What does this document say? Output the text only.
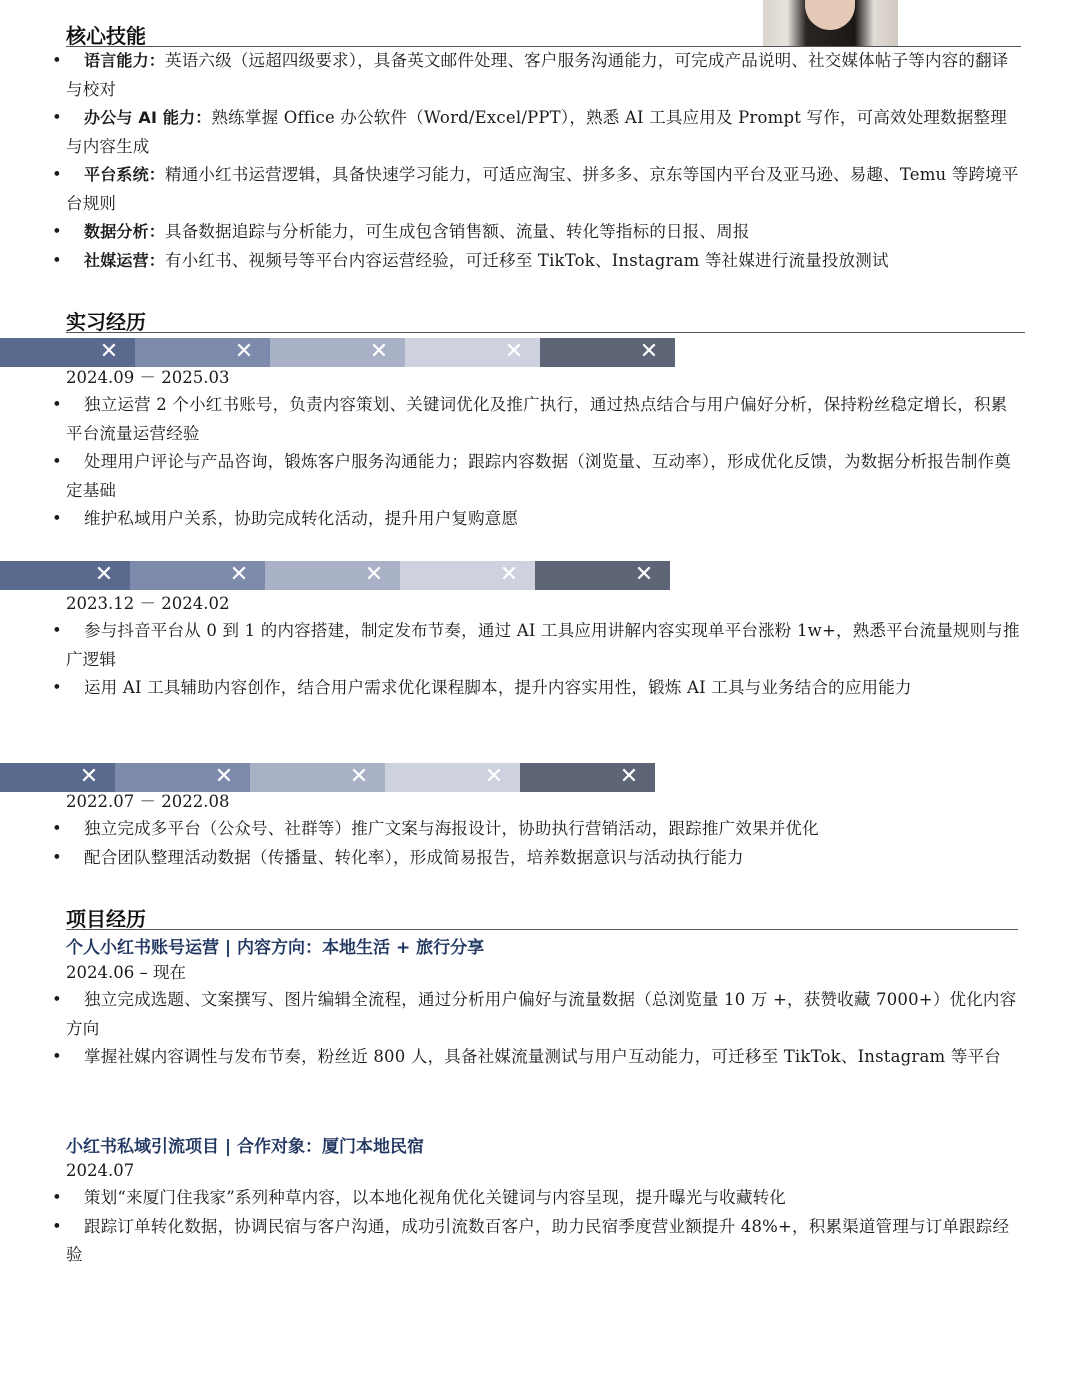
核心技能
• 语言能力：英语六级（远超四级要求），具备英文邮件处理、客户服务沟通能力，可完成产品说明、社交媒体帖子等内容的翻译与校对
• 办公与 AI 能力：熟练掌握 Office 办公软件（Word/Excel/PPT），熟悉 AI 工具应用及 Prompt 写作，可高效处理数据整理与内容生成
• 平台系统：精通小红书运营逻辑，具备快速学习能力，可适应淘宝、拼多多、京东等国内平台及亚马逊、易趣、Temu 等跨境平台规则
• 数据分析：具备数据追踪与分析能力，可生成包含销售额、流量、转化等指标的日报、周报
• 社媒运营：有小红书、视频号等平台内容运营经验，可迁移至 TikTok、Instagram 等社媒进行流量投放测试
实习经历
✕	✕	✕	✕	✕
2024.09 － 2025.03
• 独立运营 2 个小红书账号，负责内容策划、关键词优化及推广执行，通过热点结合与用户偏好分析，保持粉丝稳定增长，积累平台流量运营经验
• 处理用户评论与产品咨询，锻炼客户服务沟通能力；跟踪内容数据（浏览量、互动率），形成优化反馈，为数据分析报告制作奠定基础
• 维护私域用户关系，协助完成转化活动，提升用户复购意愿
✕	✕	✕	✕	✕
2023.12 － 2024.02
• 参与抖音平台从 0 到 1 的内容搭建，制定发布节奏，通过 AI 工具应用讲解内容实现单平台涨粉 1w+，熟悉平台流量规则与推广逻辑
• 运用 AI 工具辅助内容创作，结合用户需求优化课程脚本，提升内容实用性，锻炼 AI 工具与业务结合的应用能力
✕	✕	✕	✕	✕
2022.07 － 2022.08
• 独立完成多平台（公众号、社群等）推广文案与海报设计，协助执行营销活动，跟踪推广效果并优化
• 配合团队整理活动数据（传播量、转化率），形成简易报告，培养数据意识与活动执行能力
项目经历
个人小红书账号运营 | 内容方向：本地生活 + 旅行分享
2024.06 – 现在
• 独立完成选题、文案撰写、图片编辑全流程，通过分析用户偏好与流量数据（总浏览量 10 万 +，获赞收藏 7000+）优化内容方向
• 掌握社媒内容调性与发布节奏，粉丝近 800 人，具备社媒流量测试与用户互动能力，可迁移至 TikTok、Instagram 等平台
小红书私域引流项目 | 合作对象：厦门本地民宿
2024.07
• 策划“来厦门住我家”系列种草内容，以本地化视角优化关键词与内容呈现，提升曝光与收藏转化
• 跟踪订单转化数据，协调民宿与客户沟通，成功引流数百客户，助力民宿季度营业额提升 48%+，积累渠道管理与订单跟踪经验
